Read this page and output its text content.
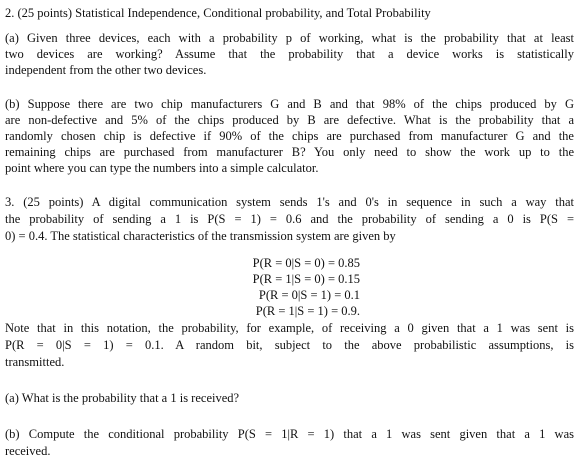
2. (25 points) Statistical Independence, Conditional probability, and Total Probability
(a) Given three devices, each with a probability p of working, what is the probability that at least
two devices are working? Assume that the probability that a device works is statistically
independent from the other two devices.
(b) Suppose there are two chip manufacturers G and B and that 98% of the chips produced by G
are non-defective and 5% of the chips produced by B are defective. What is the probability that a
randomly chosen chip is defective if 90% of the chips are purchased from manufacturer G and the
remaining chips are purchased from manufacturer B? You only need to show the work up to the
point where you can type the numbers into a simple calculator.
3. (25 points) A digital communication system sends 1's and 0's in sequence in such a way that
the probability of sending a 1 is P(S = 1) = 0.6 and the probability of sending a 0 is P(S =
0) = 0.4. The statistical characteristics of the transmission system are given by
P(R = 0|S = 0) = 0.85
P(R = 1|S = 0) = 0.15
P(R = 0|S = 1) = 0.1
P(R = 1|S = 1) = 0.9.
Note that in this notation, the probability, for example, of receiving a 0 given that a 1 was sent is
P(R = 0|S = 1) = 0.1. A random bit, subject to the above probabilistic assumptions, is
transmitted.
(a) What is the probability that a 1 is received?
(b) Compute the conditional probability P(S = 1|R = 1) that a 1 was sent given that a 1 was
received.
